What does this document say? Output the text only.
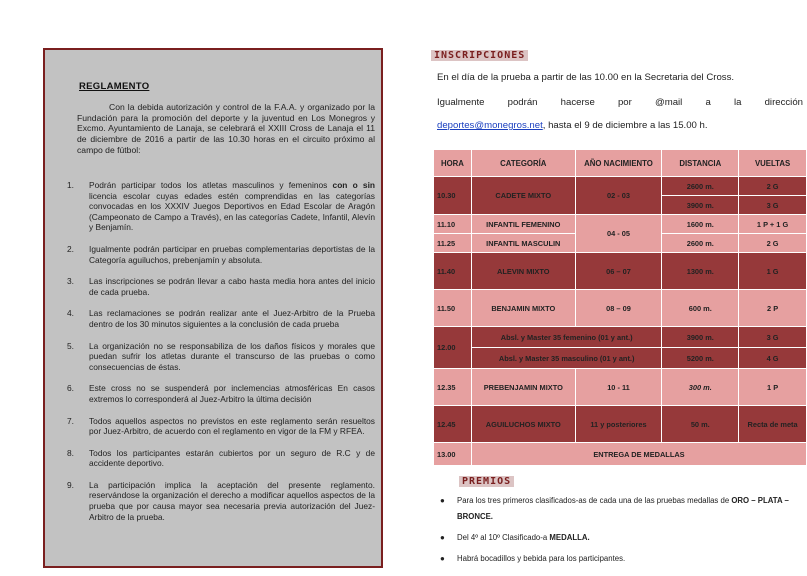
REGLAMENTO
Con la debida autorización y control de la F.A.A. y organizado por la Fundación para la promoción del deporte y la juventud en Los Monegros y Excmo. Ayuntamiento de Lanaja, se celebrará el XXIII Cross de Lanaja el 11 de diciembre de 2016 a partir de las 10.30 horas en el circuito próximo al campo de fútbol:
1. Podrán participar todos los atletas masculinos y femeninos con o sin licencia escolar cuyas edades estén comprendidas en las categorías convocadas en los XXXIV Juegos Deportivos en Edad Escolar de Aragón (Campeonato de Campo a Través), en las categorías Cadete, Infantil, Alevín y Benjamín.
2. Igualmente podrán participar en pruebas complementarias deportistas de la Categoría aguiluchos, prebenjamín y absoluta.
3. Las inscripciones se podrán llevar a cabo hasta media hora antes del inicio de cada prueba.
4. Las reclamaciones se podrán realizar ante el Juez-Arbitro de la Prueba dentro de los 30 minutos siguientes a la conclusión de cada prueba
5. La organización no se responsabiliza de los daños físicos y morales que puedan sufrir los atletas durante el transcurso de las pruebas o como consecuencias de éstas.
6. Este cross no se suspenderá por inclemencias atmosféricas En casos extremos lo corresponderá al Juez-Arbitro la última decisión
7. Todos aquellos aspectos no previstos en este reglamento serán resueltos por Juez-Arbitro, de acuerdo con el reglamento en vigor de la FM y RFEA.
8. Todos los participantes estarán cubiertos por un seguro de R.C y de accidente deportivo.
9. La participación implica la aceptación del presente reglamento. reservándose la organización el derecho a modificar aquellos aspectos de la prueba que por causa mayor sea necesaria previa autorización del Juez-Arbitro de la prueba.
INSCRIPCIONES
En el día de la prueba a partir de las 10.00 en la Secretaria del Cross.
Igualmente podrán hacerse por @mail a la dirección
deportes@monegros.net, hasta el 9 de diciembre a las 15.00 h.
HORA	CATEGORÍA	AÑO NACIMIENTO	DISTANCIA	VUELTAS
10.30	CADETE MIXTO	02 - 03	2600 m.	2 G
			3900 m.	3 G
11.10	INFANTIL FEMENINO	04 - 05	1600 m.	1 P + 1 G
11.25	INFANTIL MASCULIN		2600 m.	2 G
11.40	ALEVIN MIXTO	06 – 07	1300 m.	1 G
11.50	BENJAMIN MIXTO	08 – 09	600 m.	2 P
12.00	Absl. y Master 35 femenino (01 y ant.)		3900 m.	3 G
	Absl. y Master 35 masculino (01 y ant.)		5200 m.	4 G
12.35	PREBENJAMIN MIXTO	10 - 11	300 m.	1 P
12.45	AGUILUCHOS MIXTO	11 y posteriores	50 m.	Recta de meta
13.00	ENTREGA DE MEDALLAS			
PREMIOS
● Para los tres primeros clasificados-as de cada una de las pruebas medallas de ORO – PLATA – BRONCE.
● Del 4º al 10º Clasificado-a MEDALLA.
● Habrá bocadillos y bebida para los participantes.
